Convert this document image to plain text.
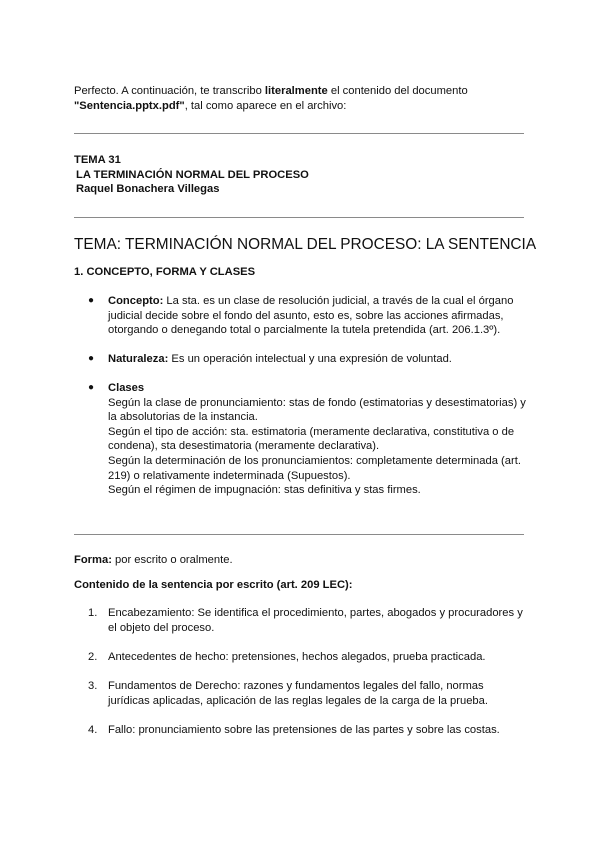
Perfecto. A continuación, te transcribo literalmente el contenido del documento
"Sentencia.pptx.pdf", tal como aparece en el archivo:
TEMA 31
LA TERMINACIÓN NORMAL DEL PROCESO
Raquel Bonachera Villegas
TEMA: TERMINACIÓN NORMAL DEL PROCESO: LA SENTENCIA
1. CONCEPTO, FORMA Y CLASES
● Concepto: La sta. es un clase de resolución judicial, a través de la cual el órgano judicial decide sobre el fondo del asunto, esto es, sobre las acciones afirmadas, otorgando o denegando total o parcialmente la tutela pretendida (art. 206.1.3º).
● Naturaleza: Es un operación intelectual y una expresión de voluntad.
● Clases
Según la clase de pronunciamiento: stas de fondo (estimatorias y desestimatorias) y la absolutorias de la instancia.
Según el tipo de acción: sta. estimatoria (meramente declarativa, constitutiva o de condena), sta desestimatoria (meramente declarativa).
Según la determinación de los pronunciamientos: completamente determinada (art. 219) o relativamente indeterminada (Supuestos).
Según el régimen de impugnación: stas definitiva y stas firmes.
Forma: por escrito o oralmente.
Contenido de la sentencia por escrito (art. 209 LEC):
1. Encabezamiento: Se identifica el procedimiento, partes, abogados y procuradores y el objeto del proceso.
2. Antecedentes de hecho: pretensiones, hechos alegados, prueba practicada.
3. Fundamentos de Derecho: razones y fundamentos legales del fallo, normas jurídicas aplicadas, aplicación de las reglas legales de la carga de la prueba.
4. Fallo: pronunciamiento sobre las pretensiones de las partes y sobre las costas.
